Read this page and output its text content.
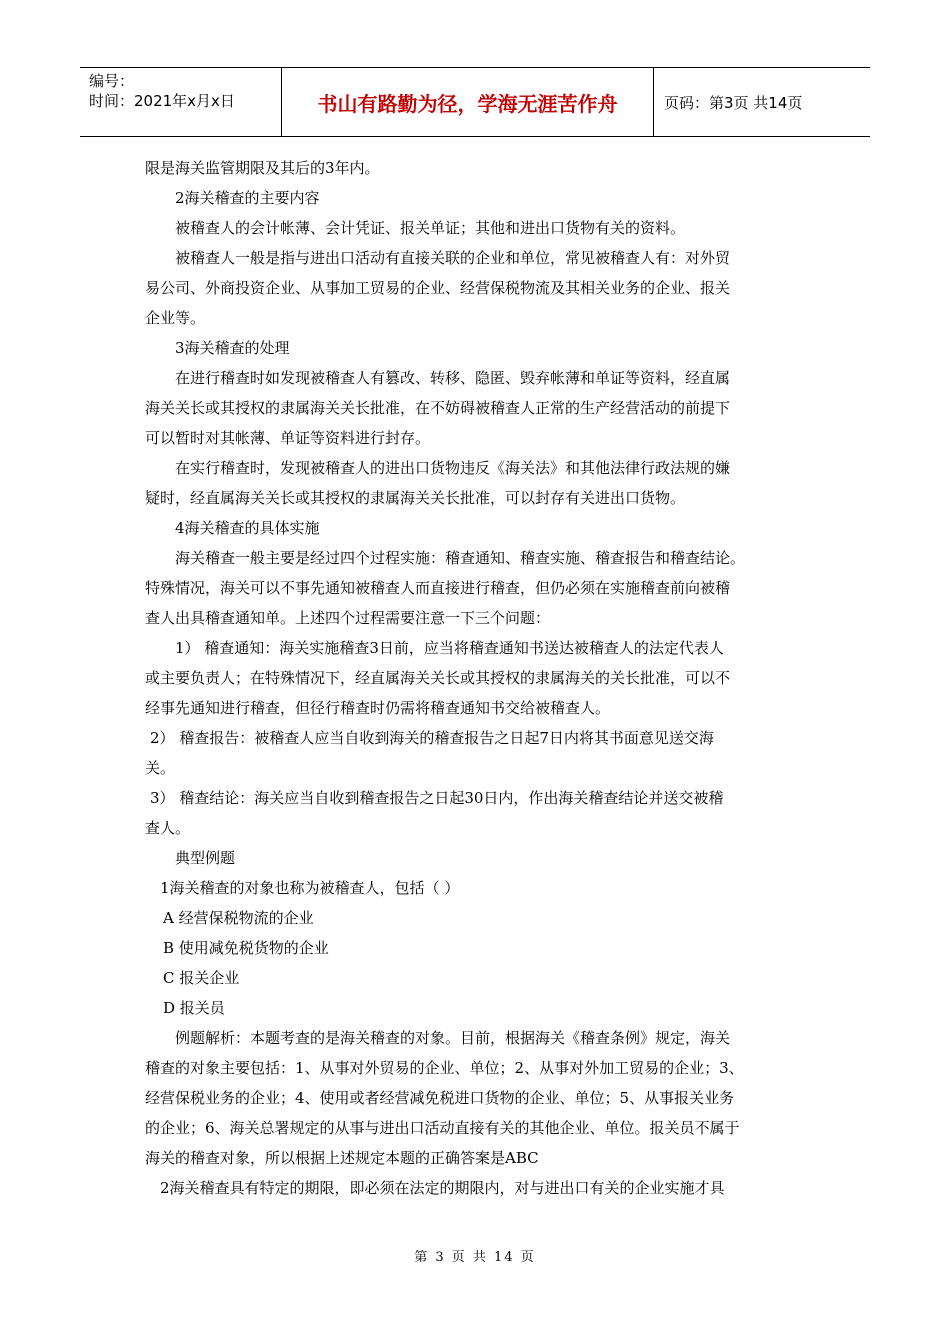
编号：
时间：2021年x月x日	书山有路勤为径，学海无涯苦作舟	页码：第3页 共14页

限是海关监管期限及其后的3年内。

2海关稽查的主要内容

被稽查人的会计帐薄、会计凭证、报关单证；其他和进出口货物有关的资料。

被稽查人一般是指与进出口活动有直接关联的企业和单位，常见被稽查人有：对外贸

易公司、外商投资企业、从事加工贸易的企业、经营保税物流及其相关业务的企业、报关

企业等。

3海关稽查的处理

在进行稽查时如发现被稽查人有篡改、转移、隐匿、毁弃帐薄和单证等资料，经直属

海关关长或其授权的隶属海关关长批准，在不妨碍被稽查人正常的生产经营活动的前提下

可以暂时对其帐薄、单证等资料进行封存。

在实行稽查时，发现被稽查人的进出口货物违反《海关法》和其他法律行政法规的嫌

疑时，经直属海关关长或其授权的隶属海关关长批准，可以封存有关进出口货物。

4海关稽查的具体实施

海关稽查一般主要是经过四个过程实施：稽查通知、稽查实施、稽查报告和稽查结论。

特殊情况，海关可以不事先通知被稽查人而直接进行稽查，但仍必须在实施稽查前向被稽

查人出具稽查通知单。上述四个过程需要注意一下三个问题：

1） 稽查通知：海关实施稽查3日前，应当将稽查通知书送达被稽查人的法定代表人

或主要负责人；在特殊情况下，经直属海关关长或其授权的隶属海关的关长批准，可以不

经事先通知进行稽查，但径行稽查时仍需将稽查通知书交给被稽查人。

2） 稽查报告：被稽查人应当自收到海关的稽查报告之日起7日内将其书面意见送交海

关。

3） 稽查结论：海关应当自收到稽查报告之日起30日内，作出海关稽查结论并送交被稽

查人。

典型例题

1海关稽查的对象也称为被稽查人，包括（ ）

A 经营保税物流的企业

B 使用减免税货物的企业

C 报关企业

D 报关员

例题解析：本题考查的是海关稽查的对象。目前，根据海关《稽查条例》规定，海关

稽查的对象主要包括：1、从事对外贸易的企业、单位；2、从事对外加工贸易的企业；3、

经营保税业务的企业；4、使用或者经营减免税进口货物的企业、单位；5、从事报关业务

的企业；6、海关总署规定的从事与进出口活动直接有关的其他企业、单位。报关员不属于

海关的稽查对象，所以根据上述规定本题的正确答案是ABC

2海关稽查具有特定的期限，即必须在法定的期限内，对与进出口有关的企业实施才具

第 3 页 共 14 页
